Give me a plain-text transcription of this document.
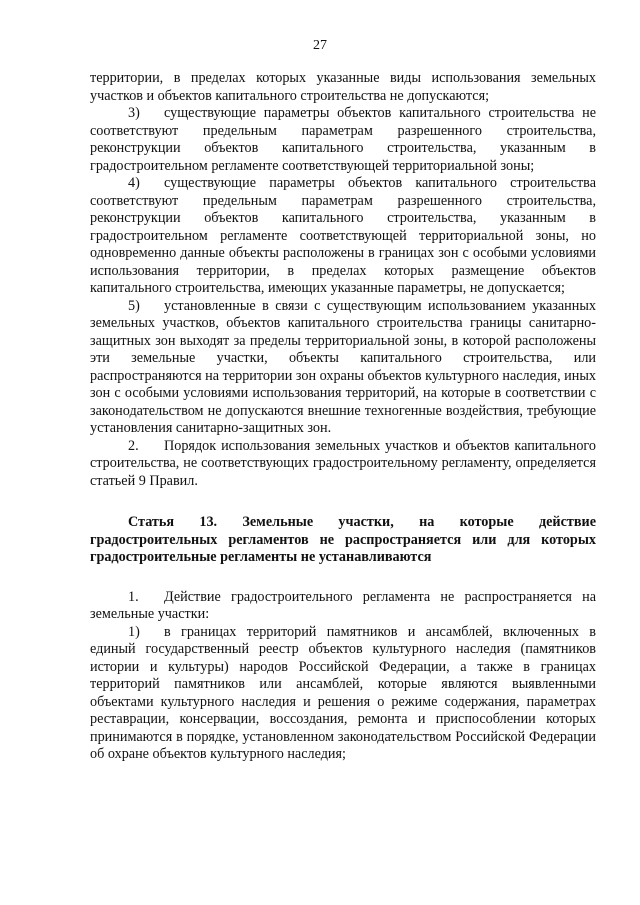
27

территории, в пределах которых указанные виды использования земельных участков и объектов капитального строительства не допускаются;

3) существующие параметры объектов капитального строительства не соответствуют предельным параметрам разрешенного строительства, реконструкции объектов капитального строительства, указанным в градостроительном регламенте соответствующей территориальной зоны;

4) существующие параметры объектов капитального строительства соответствуют предельным параметрам разрешенного строительства, реконструкции объектов капитального строительства, указанным в градостроительном регламенте соответствующей территориальной зоны, но одновременно данные объекты расположены в границах зон с особыми условиями использования территории, в пределах которых размещение объектов капитального строительства, имеющих указанные параметры, не допускается;

5) установленные в связи с существующим использованием указанных земельных участков, объектов капитального строительства границы санитарно-защитных зон выходят за пределы территориальной зоны, в которой расположены эти земельные участки, объекты капитального строительства, или распространяются на территории зон охраны объектов культурного наследия, иных зон с особыми условиями использования территорий, на которые в соответствии с законодательством не допускаются внешние техногенные воздействия, требующие установления санитарно-защитных зон.

2. Порядок использования земельных участков и объектов капитального строительства, не соответствующих градостроительному регламенту, определяется статьей 9 Правил.

Статья 13. Земельные участки, на которые действие градостроительных регламентов не распространяется или для которых градостроительные регламенты не устанавливаются

1. Действие градостроительного регламента не распространяется на земельные участки:

1) в границах территорий памятников и ансамблей, включенных в единый государственный реестр объектов культурного наследия (памятников истории и культуры) народов Российской Федерации, а также в границах территорий памятников или ансамблей, которые являются выявленными объектами культурного наследия и решения о режиме содержания, параметрах реставрации, консервации, воссоздания, ремонта и приспособлении которых принимаются в порядке, установленном законодательством Российской Федерации об охране объектов культурного наследия;
